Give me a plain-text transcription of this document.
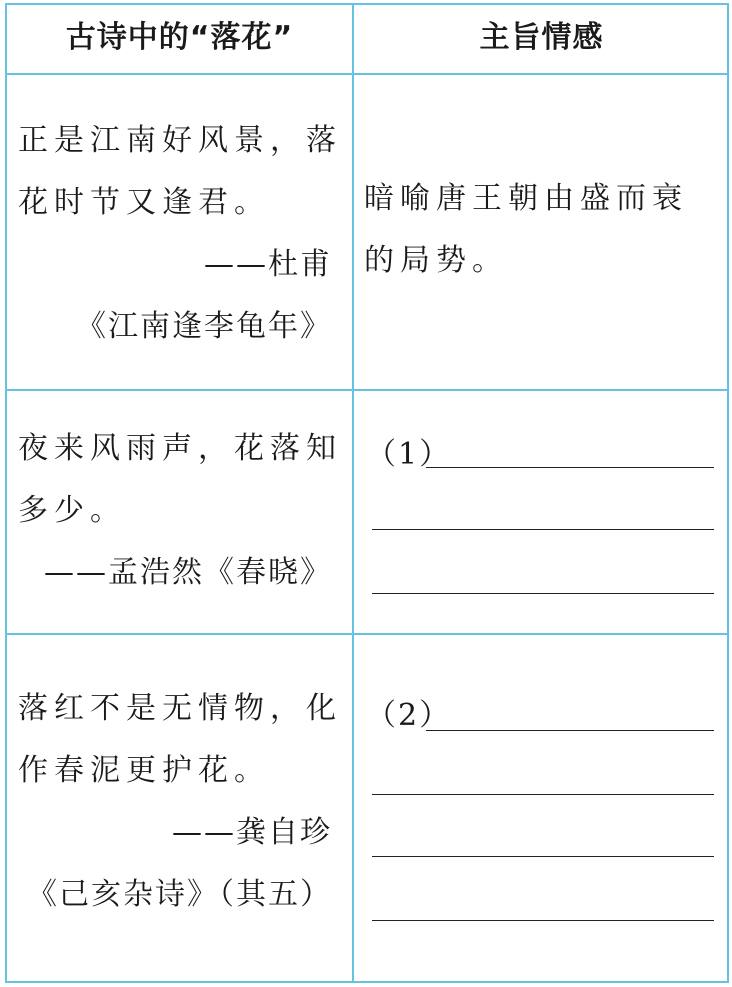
古诗中的“落花”	主旨情感
正是江南好风景，落
花时节又逢君。
——杜甫
《江南逢李龟年》
暗喻唐王朝由盛而衰
的局势。
夜来风雨声，花落知
多少。
——孟浩然《春晓》
（1）
落红不是无情物，化
作春泥更护花。
——龚自珍
《己亥杂诗》（其五）
（2）
